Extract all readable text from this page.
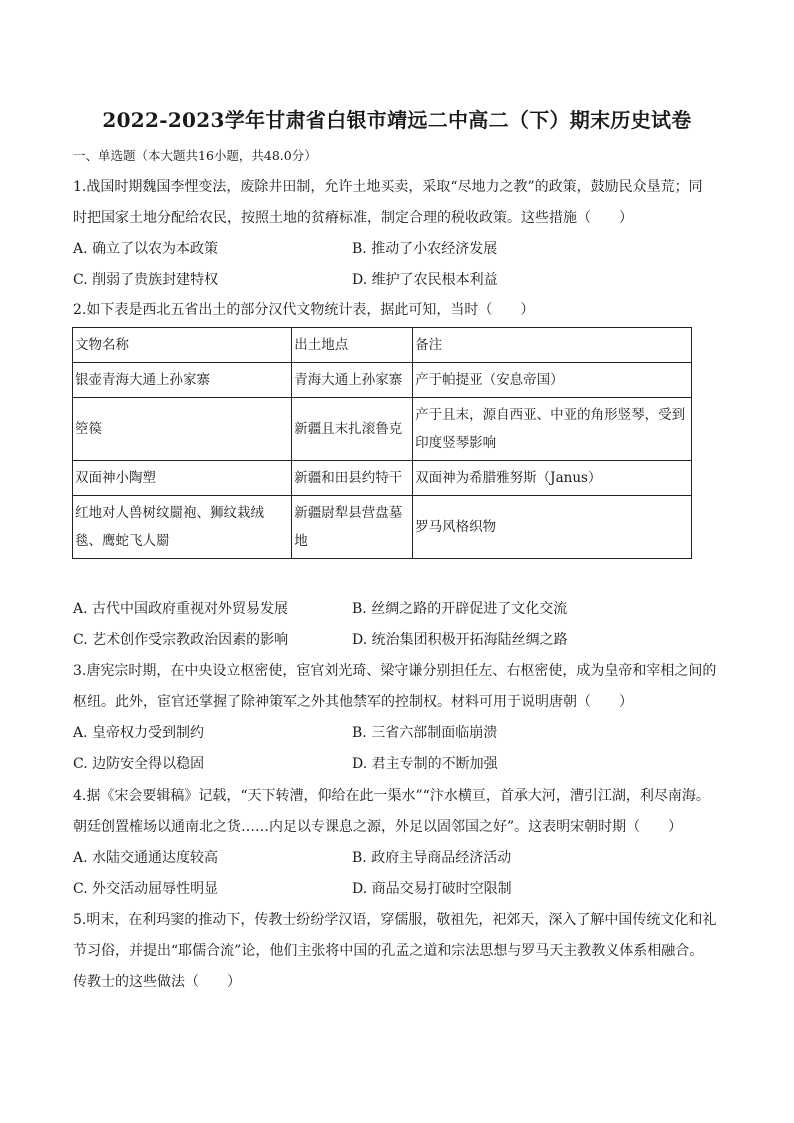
2022-2023学年甘肃省白银市靖远二中高二（下）期末历史试卷
一、单选题（本大题共16小题，共48.0分）
1.战国时期魏国李悝变法，废除井田制，允许土地买卖，采取“尽地力之教”的政策，鼓励民众垦荒；同
时把国家土地分配给农民，按照土地的贫瘠标准，制定合理的税收政策。这些措施（　　）
A. 确立了以农为本政策	B. 推动了小农经济发展
C. 削弱了贵族封建特权	D. 维护了农民根本利益
2.如下表是西北五省出土的部分汉代文物统计表，据此可知，当时（　　）
文物名称	出土地点	备注
银壶青海大通上孙家寨	青海大通上孙家寨	产于帕提亚（安息帝国）
箜篌	新疆且末扎滚鲁克	产于且末，源自西亚、中亚的角形竖琴，受到印度竖琴影响
双面神小陶塑	新疆和田县约特干	双面神为希腊雅努斯（Janus）
红地对人兽树纹罽袍、狮纹栽绒毯、鹰蛇飞人罽	新疆尉犁县营盘墓地	罗马风格织物
A. 古代中国政府重视对外贸易发展	B. 丝绸之路的开辟促进了文化交流
C. 艺术创作受宗教政治因素的影响	D. 统治集团积极开拓海陆丝绸之路
3.唐宪宗时期，在中央设立枢密使，宦官刘光琦、梁守谦分别担任左、右枢密使，成为皇帝和宰相之间的
枢纽。此外，宦官还掌握了除神策军之外其他禁军的控制权。材料可用于说明唐朝（　　）
A. 皇帝权力受到制约	B. 三省六部制面临崩溃
C. 边防安全得以稳固	D. 君主专制的不断加强
4.据《宋会要辑稿》记载，“天下转漕，仰给在此一渠水”“汴水横亘，首承大河，漕引江湖，利尽南海。
朝廷创置榷场以通南北之货……内足以专课息之源，外足以固邻国之好”。这表明宋朝时期（　　）
A. 水陆交通通达度较高	B. 政府主导商品经济活动
C. 外交活动屈辱性明显	D. 商品交易打破时空限制
5.明末，在利玛窦的推动下，传教士纷纷学汉语，穿儒服，敬祖先，祀郊天，深入了解中国传统文化和礼
节习俗，并提出“耶儒合流”论，他们主张将中国的孔孟之道和宗法思想与罗马天主教教义体系相融合。
传教士的这些做法（　　）
